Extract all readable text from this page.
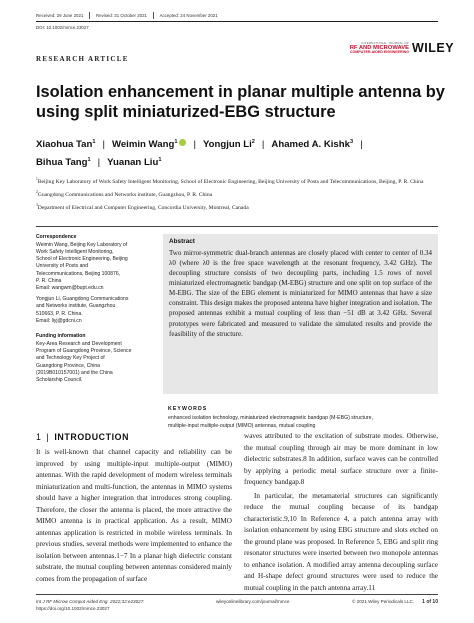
Received: 29 June 2021	Revised: 31 October 2021	Accepted: 24 November 2021
DOI: 10.1002/mmce.23027
INTERNATIONAL JOURNAL OF
RF AND MICROWAVE
COMPUTER-AIDED ENGINEERING WILEY
RESEARCH ARTICLE
Isolation enhancement in planar multiple antenna by using split miniaturized-EBG structure
Xiaohua Tan$^1$ | Weimin Wang$^1$ | Yongjun Li$^2$ | Ahamed A. Kishk$^3$ |
Bihua Tang$^1$ | Yuanan Liu$^1$

$^1$Beijing Key Laboratory of Work Safety Intelligent Monitoring, School of Electronic Engineering, Beijing University of Posts and Telecommunications, Beijing, P. R. China

$^2$Guangdong Communications and Networks institute, Guangzhou, P. R. China

$^3$Department of Electrical and Computer Engineering, Concordia University, Montreal, Canada

Correspondence
Weimin Wang, Beijing Key Laboratory of
Work Safety Intelligent Monitoring,
School of Electronic Engineering, Beijing
University of Posts and
Telecommunications, Beijing 100876,
P. R. China
Email: wangwm@bupt.edu.cn
Yongjun Li, Guangdong Communications
and Networks institute, Guangzhou
510663, P. R. China.
Email: liyj@gdcni.cn
Funding information
Key-Area Research and Development
Program of Guangdong Province, Science
and Technology Key Project of
Guangdong Province, China
(2019B010157001) and the China
Scholarship Council.
Abstract

Two mirror-symmetric dual-branch antennas are closely placed with center to center of 0.34 λ0 (where λ0 is the free space wavelength at the resonant frequency, 3.42 GHz). The decoupling structure consists of two decoupling parts, including 1.5 rows of novel miniaturized electromagnetic bandgap (M-EBG) structure and one split on top surface of the M-EBG. The size of the EBG element is miniaturized for MIMO antennas that have a size constraint. This design makes the proposed antenna have higher integration and isolation. The proposed antennas exhibit a mutual coupling of less than −51 dB at 3.42 GHz. Several prototypes were fabricated and measured to validate the simulated results and provide the feasibility of the structure.

KEYWORDS
enhanced isolation technology, miniaturized electromagnetic bandgap (M-EBG) structure,
multiple-input multiple-output (MIMO) antennas, mutual coupling
1 | INTRODUCTION

It is well-known that channel capacity and reliability can be improved by using multiple-input multiple-output (MIMO) antennas. With the rapid development of modern wireless terminals miniaturization and multi-function, the antennas in MIMO systems should have a higher integration that introduces strong coupling. Therefore, the closer the antenna is placed, the more attractive the MIMO antenna is in practical application. As a result, MIMO antennas application is restricted in mobile wireless terminals. In previous studies, several methods were implemented to enhance the isolation between antennas.1−7 In a planar high dielectric constant substrate, the mutual coupling between antennas considered mainly comes from the propagation of surface

waves attributed to the excitation of substrate modes. Otherwise, the mutual coupling through air may be more dominant in low dielectric substrates.8 In addition, surface waves can be controlled by applying a periodic metal surface structure over a finite-frequency bandgap.8

In particular, the metamaterial structures can significantly reduce the mutual coupling because of its bandgap characteristic.9,10 In Reference 4, a patch antenna array with isolation enhancement by using EBG structure and slots etched on the ground plane was proposed. In Reference 5, EBG and split ring resonator structures were inserted between two monopole antennas to enhance isolation. A modified array antenna decoupling surface and H-shape defect ground structures were used to reduce the mutual coupling in the patch antenna array.11

Int J RF Microw Comput Aided Eng. 2022;32:e23027.
https://doi.org/10.1002/mmce.23027
wileyonlinelibrary.com/journal/mmce	© 2021 Wiley Periodicals LLC. 1 of 10
